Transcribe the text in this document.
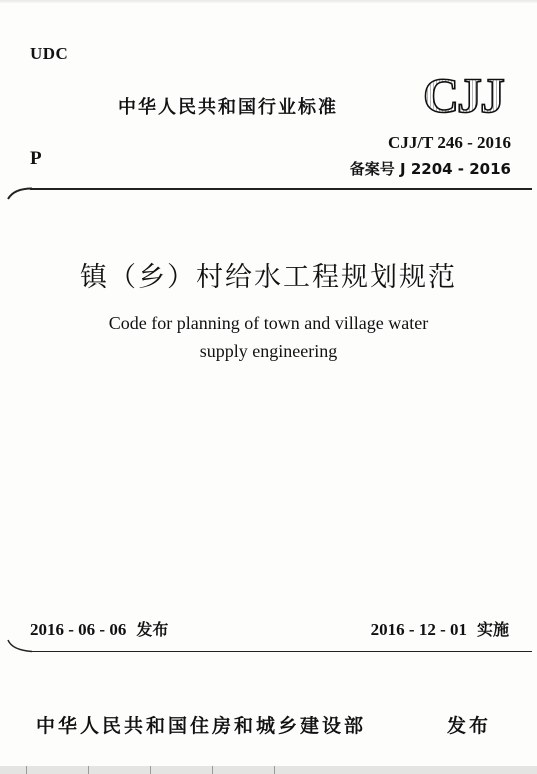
UDC
P
中华人民共和国行业标准 CJJ
CJJ/T 246 - 2016
备案号 J 2204 - 2016
镇（乡）村给水工程规划规范
Code for planning of town and village water
supply engineering
2016 - 06 - 06 发布	2016 - 12 - 01 实施
中华人民共和国住房和城乡建设部	发布
